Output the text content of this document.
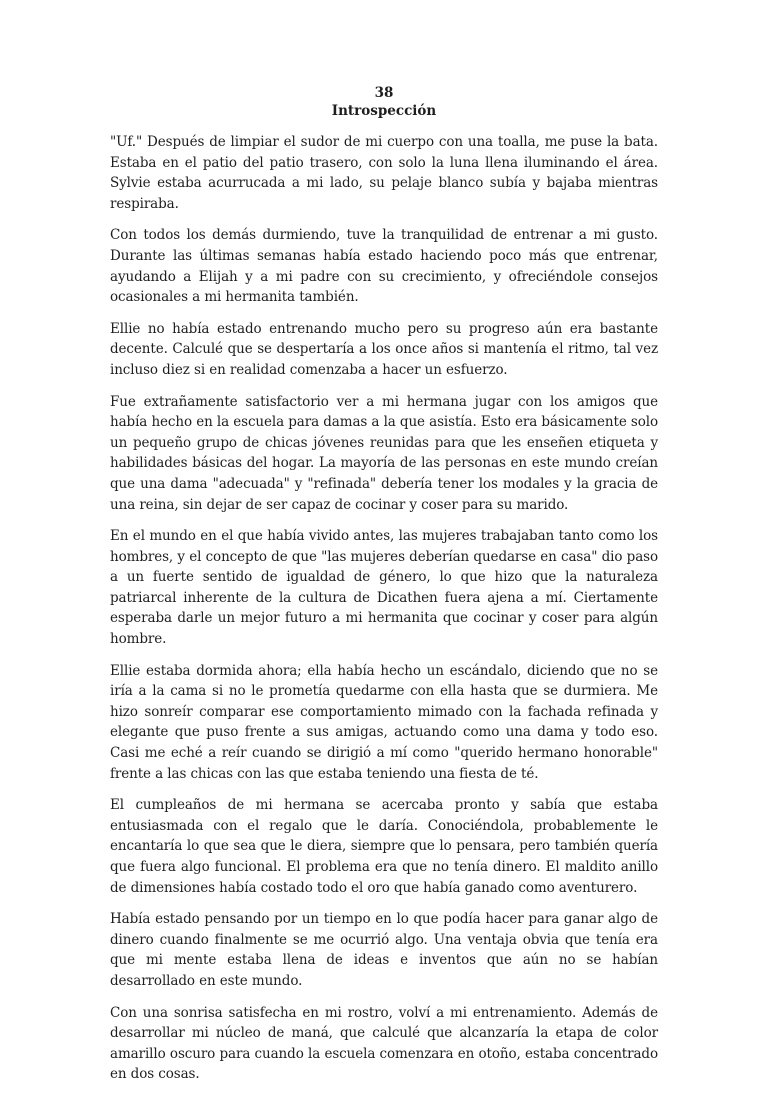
38
Introspección

"Uf." Después de limpiar el sudor de mi cuerpo con una toalla, me puse la bata. Estaba en el patio del patio trasero, con solo la luna llena iluminando el área. Sylvie estaba acurrucada a mi lado, su pelaje blanco subía y bajaba mientras respiraba.

Con todos los demás durmiendo, tuve la tranquilidad de entrenar a mi gusto. Durante las últimas semanas había estado haciendo poco más que entrenar, ayudando a Elijah y a mi padre con su crecimiento, y ofreciéndole consejos ocasionales a mi hermanita también.

Ellie no había estado entrenando mucho pero su progreso aún era bastante decente. Calculé que se despertaría a los once años si mantenía el ritmo, tal vez incluso diez si en realidad comenzaba a hacer un esfuerzo.

Fue extrañamente satisfactorio ver a mi hermana jugar con los amigos que había hecho en la escuela para damas a la que asistía. Esto era básicamente solo un pequeño grupo de chicas jóvenes reunidas para que les enseñen etiqueta y habilidades básicas del hogar. La mayoría de las personas en este mundo creían que una dama "adecuada" y "refinada" debería tener los modales y la gracia de una reina, sin dejar de ser capaz de cocinar y coser para su marido.

En el mundo en el que había vivido antes, las mujeres trabajaban tanto como los hombres, y el concepto de que "las mujeres deberían quedarse en casa" dio paso a un fuerte sentido de igualdad de género, lo que hizo que la naturaleza patriarcal inherente de la cultura de Dicathen fuera ajena a mí. Ciertamente esperaba darle un mejor futuro a mi hermanita que cocinar y coser para algún hombre.

Ellie estaba dormida ahora; ella había hecho un escándalo, diciendo que no se iría a la cama si no le prometía quedarme con ella hasta que se durmiera. Me hizo sonreír comparar ese comportamiento mimado con la fachada refinada y elegante que puso frente a sus amigas, actuando como una dama y todo eso. Casi me eché a reír cuando se dirigió a mí como "querido hermano honorable" frente a las chicas con las que estaba teniendo una fiesta de té.

El cumpleaños de mi hermana se acercaba pronto y sabía que estaba entusiasmada con el regalo que le daría. Conociéndola, probablemente le encantaría lo que sea que le diera, siempre que lo pensara, pero también quería que fuera algo funcional. El problema era que no tenía dinero. El maldito anillo de dimensiones había costado todo el oro que había ganado como aventurero.

Había estado pensando por un tiempo en lo que podía hacer para ganar algo de dinero cuando finalmente se me ocurrió algo. Una ventaja obvia que tenía era que mi mente estaba llena de ideas e inventos que aún no se habían desarrollado en este mundo.

Con una sonrisa satisfecha en mi rostro, volví a mi entrenamiento. Además de desarrollar mi núcleo de maná, que calculé que alcanzaría la etapa de color amarillo oscuro para cuando la escuela comenzara en otoño, estaba concentrado en dos cosas.
